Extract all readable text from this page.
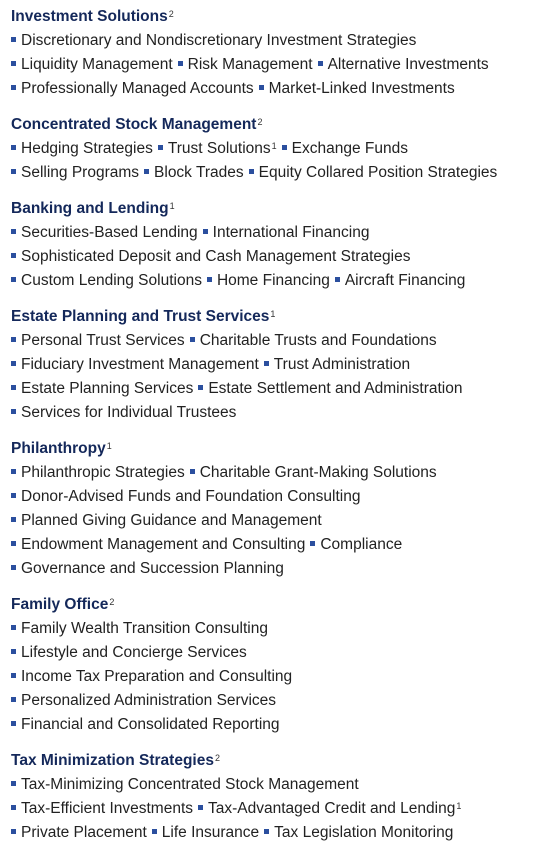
Investment Solutions$^2$
Discretionary and Nondiscretionary Investment Strategies
Liquidity Management Risk Management Alternative Investments
Professionally Managed Accounts Market-Linked Investments
Concentrated Stock Management$^2$
Hedging Strategies Trust Solutions$^1$ Exchange Funds
Selling Programs Block Trades Equity Collared Position Strategies
Banking and Lending$^1$
Securities-Based Lending International Financing
Sophisticated Deposit and Cash Management Strategies
Custom Lending Solutions Home Financing Aircraft Financing
Estate Planning and Trust Services$^1$
Personal Trust Services Charitable Trusts and Foundations
Fiduciary Investment Management Trust Administration
Estate Planning Services Estate Settlement and Administration
Services for Individual Trustees
Philanthropy$^1$
Philanthropic Strategies Charitable Grant-Making Solutions
Donor-Advised Funds and Foundation Consulting
Planned Giving Guidance and Management
Endowment Management and Consulting Compliance
Governance and Succession Planning
Family Office$^2$
Family Wealth Transition Consulting
Lifestyle and Concierge Services
Income Tax Preparation and Consulting
Personalized Administration Services
Financial and Consolidated Reporting
Tax Minimization Strategies$^2$
Tax-Minimizing Concentrated Stock Management
Tax-Efficient Investments Tax-Advantaged Credit and Lending$^1$
Private Placement Life Insurance Tax Legislation Monitoring
